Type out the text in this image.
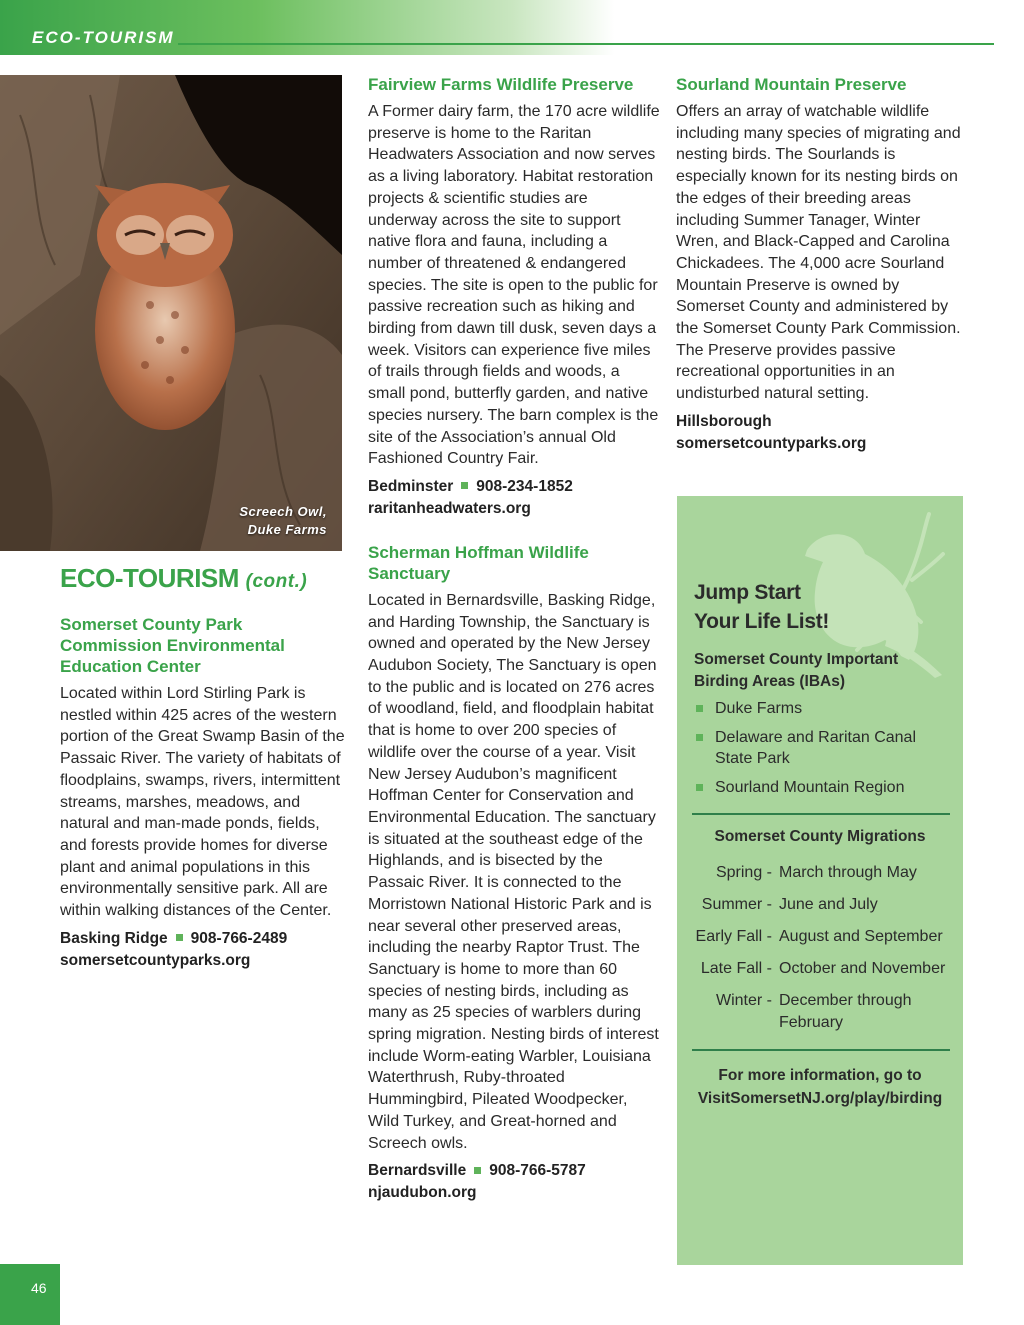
ECO-TOURISM
Screech Owl,
Duke Farms
ECO-TOURISM (cont.)
Somerset County Park Commission Environmental Education Center

Located within Lord Stirling Park is nestled within 425 acres of the western portion of the Great Swamp Basin of the Passaic River. The variety of habitats of floodplains, swamps, rivers, intermittent streams, marshes, meadows, and natural and man-made ponds, fields, and forests provide homes for diverse plant and animal populations in this environmentally sensitive park. All are within walking distances of the Center.

Basking Ridge 908-766-2489
somersetcountyparks.org
Fairview Farms Wildlife Preserve

A Former dairy farm, the 170 acre wildlife preserve is home to the Raritan Headwaters Association and now serves as a living laboratory. Habitat restoration projects & scientific studies are underway across the site to support native flora and fauna, including a number of threatened & endangered species. The site is open to the public for passive recreation such as hiking and birding from dawn till dusk, seven days a week. Visitors can experience five miles of trails through fields and woods, a small pond, butterfly garden, and native species nursery. The barn complex is the site of the Association’s annual Old Fashioned Country Fair.

Bedminster 908-234-1852
raritanheadwaters.org
Scherman Hoffman Wildlife Sanctuary

Located in Bernardsville, Basking Ridge, and Harding Township, the Sanctuary is owned and operated by the New Jersey Audubon Society, The Sanctuary is open to the public and is located on 276 acres of woodland, field, and floodplain habitat that is home to over 200 species of wildlife over the course of a year. Visit New Jersey Audubon’s magnificent Hoffman Center for Conservation and Environmental Education. The sanctuary is situated at the southeast edge of the Highlands, and is bisected by the Passaic River. It is connected to the Morristown National Historic Park and is near several other preserved areas, including the nearby Raptor Trust. The Sanctuary is home to more than 60 species of nesting birds, including as many as 25 species of warblers during spring migration. Nesting birds of interest include Worm-eating Warbler, Louisiana Waterthrush, Ruby-throated Hummingbird, Pileated Woodpecker, Wild Turkey, and Great-horned and Screech owls.

Bernardsville 908-766-5787
njaudubon.org
Sourland Mountain Preserve

Offers an array of watchable wildlife including many species of migrating and nesting birds. The Sourlands is especially known for its nesting birds on the edges of their breeding areas including Summer Tanager, Winter Wren, and Black-Capped and Carolina Chickadees. The 4,000 acre Sourland Mountain Preserve is owned by Somerset County and administered by the Somerset County Park Commission. The Preserve provides passive recreational opportunities in an undisturbed natural setting.

Hillsborough
somersetcountyparks.org
Jump Start
Your Life List!
Somerset County Important
Birding Areas (IBAs)
Duke Farms
Delaware and Raritan Canal State Park
Sourland Mountain Region
Somerset County Migrations
Spring - March through May
Summer - June and July
Early Fall - August and September
Late Fall - October and November
Winter - December through February
For more information, go to
VisitSomersetNJ.org/play/birding
46
